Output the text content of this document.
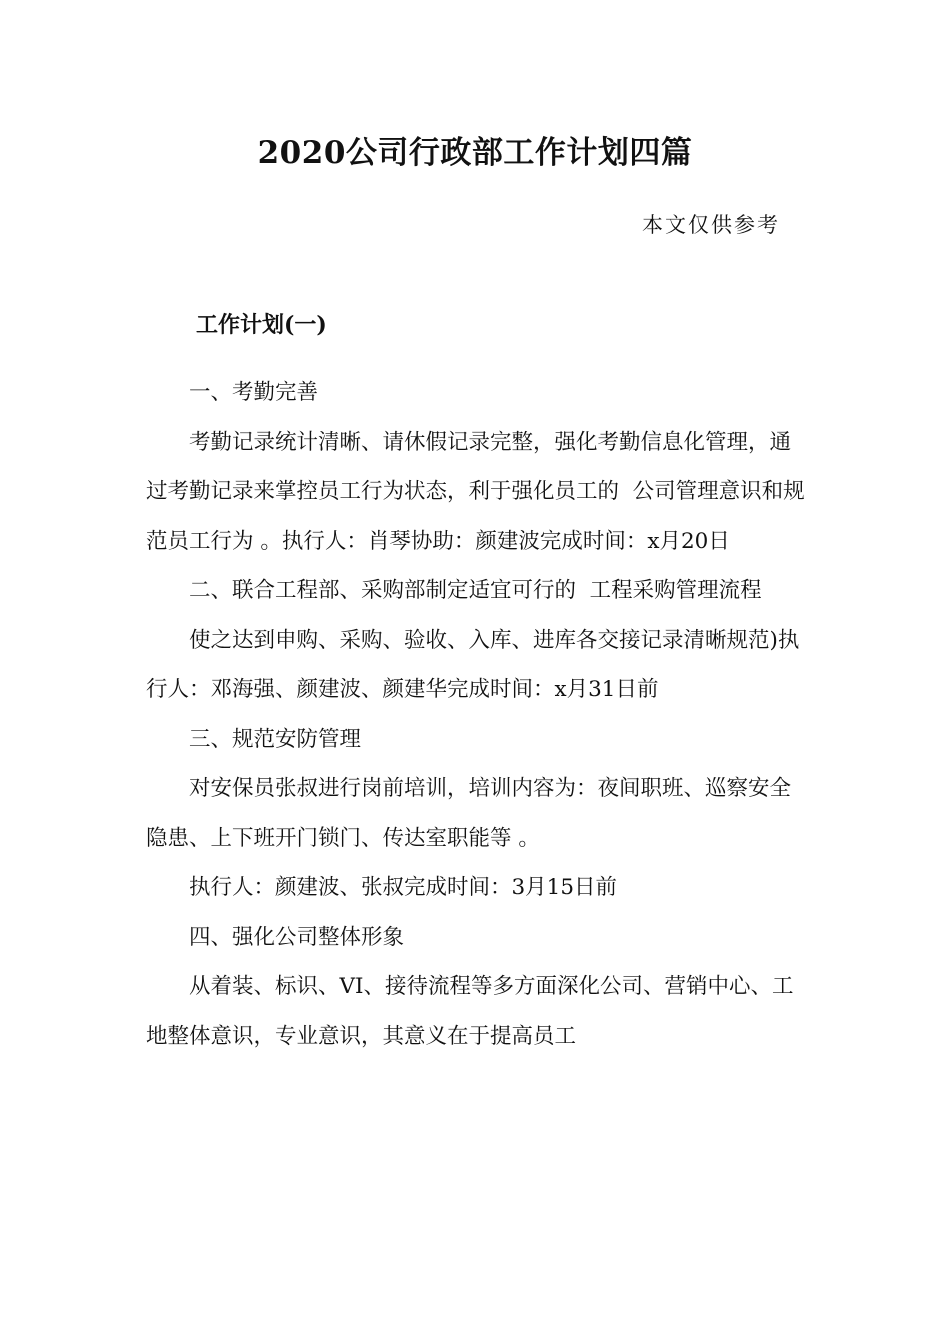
2020公司行政部工作计划四篇
本文仅供参考
工作计划(一)

一、考勤完善

考勤记录统计清晰、请休假记录完整，强化考勤信息化管理，通过考勤记录来掌控员工行为状态，利于强化员工的  公司管理意识和规范员工行为 。执行人：肖琴协助：颜建波完成时间：x月20日

二、联合工程部、采购部制定适宜可行的  工程采购管理流程

使之达到申购、采购、验收、入库、进库各交接记录清晰规范)执行人：邓海强、颜建波、颜建华完成时间：x月31日前

三、规范安防管理

对安保员张叔进行岗前培训，培训内容为：夜间职班、巡察安全隐患、上下班开门锁门、传达室职能等 。

执行人：颜建波、张叔完成时间：3月15日前

四、强化公司整体形象

从着装、标识、VI、接待流程等多方面深化公司、营销中心、工地整体意识，专业意识，其意义在于提高员工
